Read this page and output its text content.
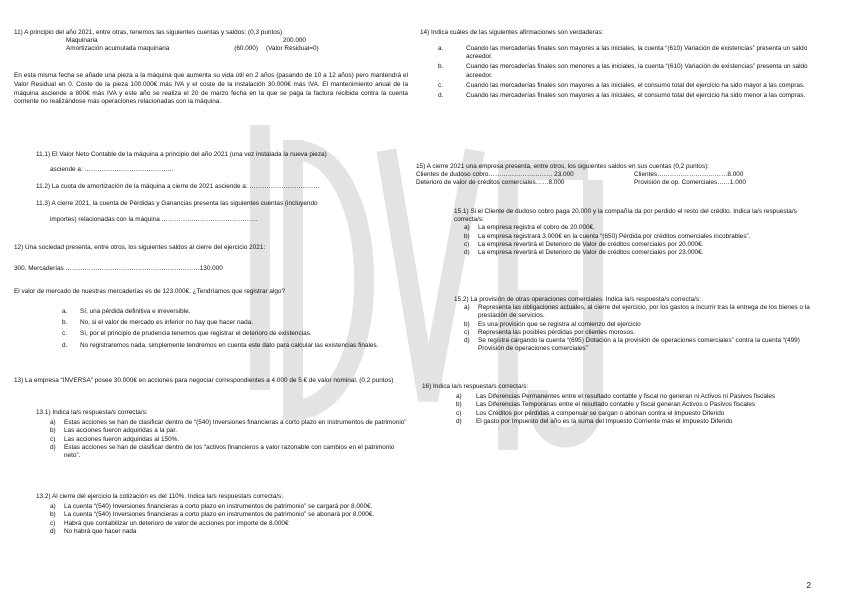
11) A principio del año 2021, entre otras, tenemos las siguientes cuentas y saldos: (0,3 puntos)
Maquinaria	200.000
Amortización acumulada maquinaria	(60.000)	(Valor Residual=0)
En esta misma fecha se añade una pieza a la máquina que aumenta su vida útil en 2 años (pasando de 10 a 12 años) pero mantendrá el Valor Residual en 0. Coste de la pieza 100.000€ más IVA y el coste de la instalación 30.000€ más IVA. El mantenimiento anual de la máquina asciende a 800€ más IVA y este año se realiza el 20 de marzo fecha en la que se paga la factura recibida contra la cuenta corriente no realizándose más operaciones relacionadas con la máquina.
11.1) El Valor Neto Contable de la máquina a principio del año 2021 (una vez instalada la nueva pieza)
asciende a: ……………………………………
11.2) La cuota de amortización de la máquina a cierre de 2021 asciende a: ……………………………
11.3) A cierre 2021, la cuenta de Pérdidas y Ganancias presenta las siguientes cuentas (incluyendo
importes) relacionadas con la máquina ………………………………………
12) Una sociedad presenta, entre otros, los siguientes saldos al cierre del ejercicio 2021:
300. Mercaderías ………………………………………………………130.000
El valor de mercado de nuestras mercaderías es de 123.000€. ¿Tendríamos que registrar algo?
a.	Sí, una pérdida definitiva e irreversible.
b.	No, si el valor de mercado es inferior no hay que hacer nada.
c.	Sí, por el principio de prudencia tenemos que registrar el deterioro de existencias.
d.	No registraremos nada, simplemente tendremos en cuenta este dato para calcular las existencias finales.
13) La empresa “INVERSA” posee 30.000€ en acciones para negociar correspondientes a 4.000 de 5 € de valor nominal. (0,2 puntos)
13.1) Indica la/s respuesta/s correcta/s:
a)	Estas acciones se han de clasificar dentro de “(540) Inversiones financieras a corto plazo en instrumentos de patrimonio”
b)	Las acciones fueron adquiridas a la par.
c)	Las acciones fueron adquiridas al 150%.
d)	Estas acciones se han de clasificar dentro de los “activos financieros a valor razonable con cambios en el patrimonio neto”.
13.2) Al cierre del ejercicio la cotización es del 110%. Indica la/s respuesta/s correcta/s:
a)	La cuenta “(540) Inversiones financieras a corto plazo en instrumentos de patrimonio” se cargará por 8.000€.
b)	La cuenta “(540) Inversiones financieras a corto plazo en instrumentos de patrimonio” se abonará por 8.000€.
c)	Habrá que contabilizar un deterioro de valor de acciones por importe de 8.000€
d)	No habrá que hacer nada
14) Indica cuáles de las siguientes afirmaciones son verdaderas:
a.	Cuando las mercaderías finales son mayores a las iniciales, la cuenta “(610) Variación de existencias” presenta un saldo acreedor.
b.	Cuando las mercaderías finales son menores a las iniciales, la cuenta “(610) Variación de existencias” presenta un saldo acreedor.
c.	Cuando las mercaderías finales son mayores a las iniciales, el consumo total del ejercicio ha sido mayor a las compras.
d.	Cuando las mercaderías finales son mayores a las iniciales, el consumo total del ejercicio ha sido menor a las compras.
15) A cierre 2021 una empresa presenta, entre otros, los siguientes saldos en sus cuentas (0,2 puntos):
Clientes de dudoso cobro………………………… 23.000	Clientes……………………………8.000
Deterioro de valor de créditos comerciales……8.000	Provisión de op. Comerciales……1.000
15.1) Si el Cliente de dudoso cobro paga 20.000 y la compañía da por perdido el resto del crédito. Indica la/s respuesta/s correcta/s:
a)	La empresa registra el cobro de 20.000€.
b)	La empresa registrará 3.000€ en la cuenta “(650) Pérdida por créditos comerciales incobrables”.
c)	La empresa revertirá el Deterioro de Valor de créditos comerciales por 20.000€.
d)	La empresa revertirá el Deterioro de Valor de créditos comerciales por 23.000€.
15.2) La provisión de otras operaciones comerciales. Indica la/s respuesta/s correcta/s:
a)	Representa las obligaciones actuales, al cierre del ejercicio, por los gastos a incurrir tras la entrega de los bienes o la prestación de servicios.
b)	Es una provisión que se registra al comienzo del ejercicio
c)	Representa las posibles pérdidas por clientes morosos.
d)	Se registra cargando la cuenta “(695) Dotación a la provisión de operaciones comerciales” contra la cuenta “(499) Provisión de operaciones comerciales”
16) Indica la/s respuesta/s correcta/s:
a)	Las Diferencias Permanentes entre el resultado contable y fiscal no generan ni Activos ni Pasivos fiscales
b)	Las Diferencias Temporarias entre el resultado contable y fiscal generan Activos o Pasivos fiscales
c)	Los Créditos por pérdidas a compensar se cargan o abonan contra el Impuesto Diferido
d)	El gasto por Impuesto del año es la suma del Impuesto Corriente más el Impuesto Diferido
2
